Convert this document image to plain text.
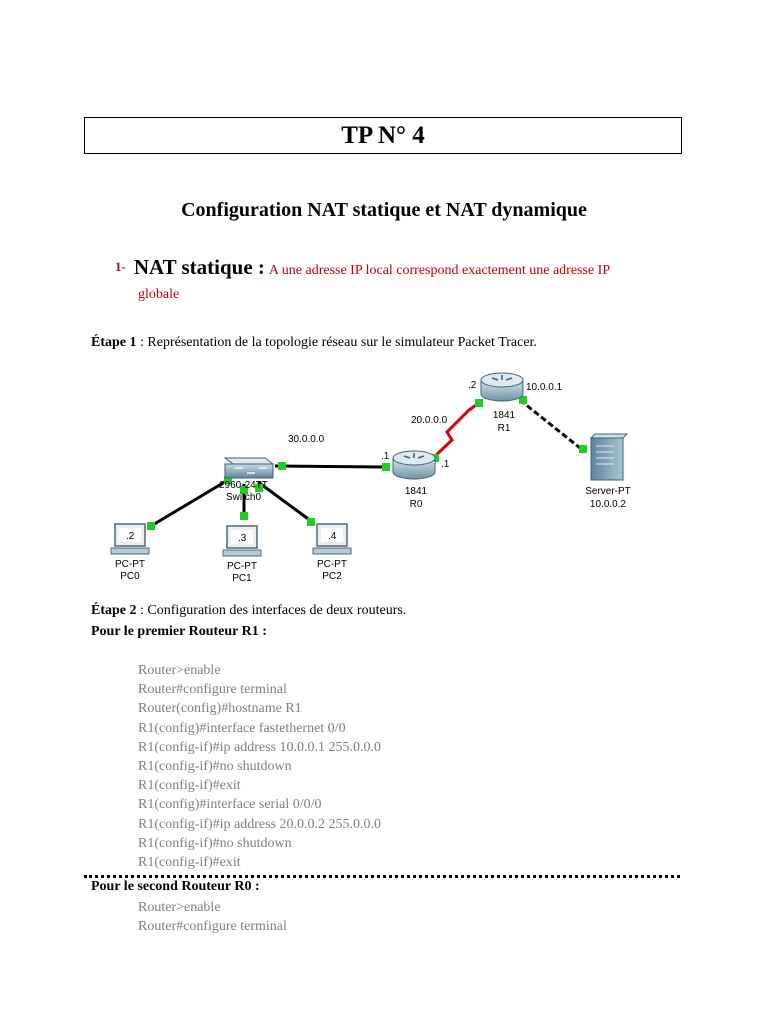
TP N° 4
Configuration NAT statique et NAT dynamique
1- NAT statique : A une adresse IP local correspond exactement une adresse IP
globale
Étape 1 : Représentation de la topologie réseau sur le simulateur Packet Tracer.
30.0.0.0
20.0.0.0
10.0.0.1
.2
.1
.1
2960-24TT
Switch0
1841
R0
1841
R1
Server-PT
10.0.0.2
.2
PC-PT
PC0
.3
PC-PT
PC1
.4
PC-PT
PC2
Étape 2 : Configuration des interfaces de deux routeurs.
Pour le premier Routeur R1 :
Router>enable
Router#configure terminal
Router(config)#hostname R1
R1(config)#interface fastethernet 0/0
R1(config-if)#ip address 10.0.0.1 255.0.0.0
R1(config-if)#no shutdown
R1(config-if)#exit
R1(config)#interface serial 0/0/0
R1(config-if)#ip address 20.0.0.2 255.0.0.0
R1(config-if)#no shutdown
R1(config-if)#exit
Pour le second Routeur R0 :
Router>enable
Router#configure terminal
